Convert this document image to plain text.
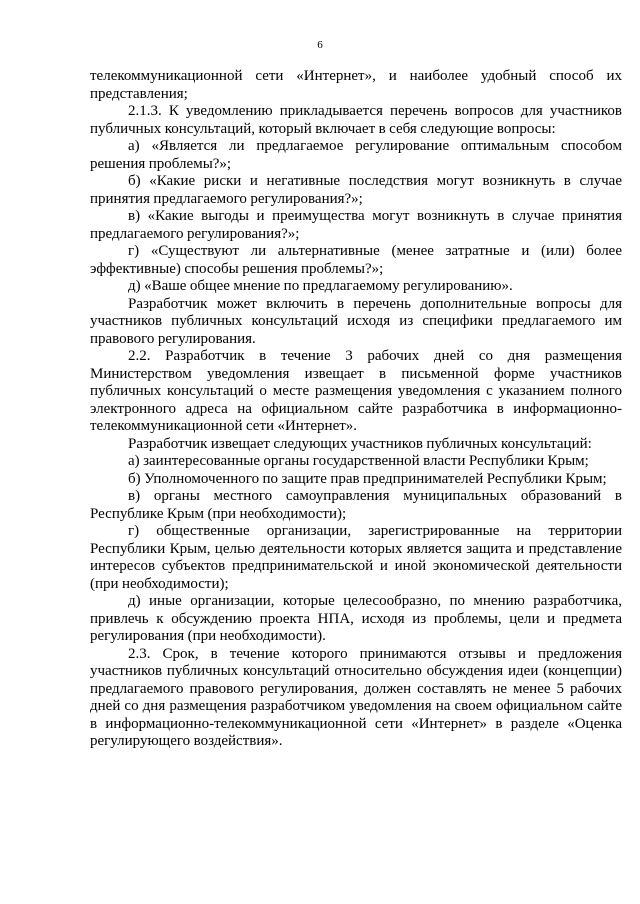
6

телекоммуникационной сети «Интернет», и наиболее удобный способ их представления;

2.1.3. К уведомлению прикладывается перечень вопросов для участников публичных консультаций, который включает в себя следующие вопросы:

а) «Является ли предлагаемое регулирование оптимальным способом решения проблемы?»;

б) «Какие риски и негативные последствия могут возникнуть в случае принятия предлагаемого регулирования?»;

в) «Какие выгоды и преимущества могут возникнуть в случае принятия предлагаемого регулирования?»;

г) «Существуют ли альтернативные (менее затратные и (или) более эффективные) способы решения проблемы?»;

д) «Ваше общее мнение по предлагаемому регулированию».

Разработчик может включить в перечень дополнительные вопросы для участников публичных консультаций исходя из специфики предлагаемого им правового регулирования.

2.2. Разработчик в течение 3 рабочих дней со дня размещения Министерством уведомления извещает в письменной форме участников публичных консультаций о месте размещения уведомления с указанием полного электронного адреса на официальном сайте разработчика в информационно-телекоммуникационной сети «Интернет».

Разработчик извещает следующих участников публичных консультаций:

а) заинтересованные органы государственной власти Республики Крым;

б) Уполномоченного по защите прав предпринимателей Республики Крым;

в) органы местного самоуправления муниципальных образований в Республике Крым (при необходимости);

г) общественные организации, зарегистрированные на территории Республики Крым, целью деятельности которых является защита и представление интересов субъектов предпринимательской и иной экономической деятельности (при необходимости);

д) иные организации, которые целесообразно, по мнению разработчика, привлечь к обсуждению проекта НПА, исходя из проблемы, цели и предмета регулирования (при необходимости).

2.3. Срок, в течение которого принимаются отзывы и предложения участников публичных консультаций относительно обсуждения идеи (концепции) предлагаемого правового регулирования, должен составлять не менее 5 рабочих дней со дня размещения разработчиком уведомления на своем официальном сайте в информационно-телекоммуникационной сети «Интернет» в разделе «Оценка регулирующего воздействия».
